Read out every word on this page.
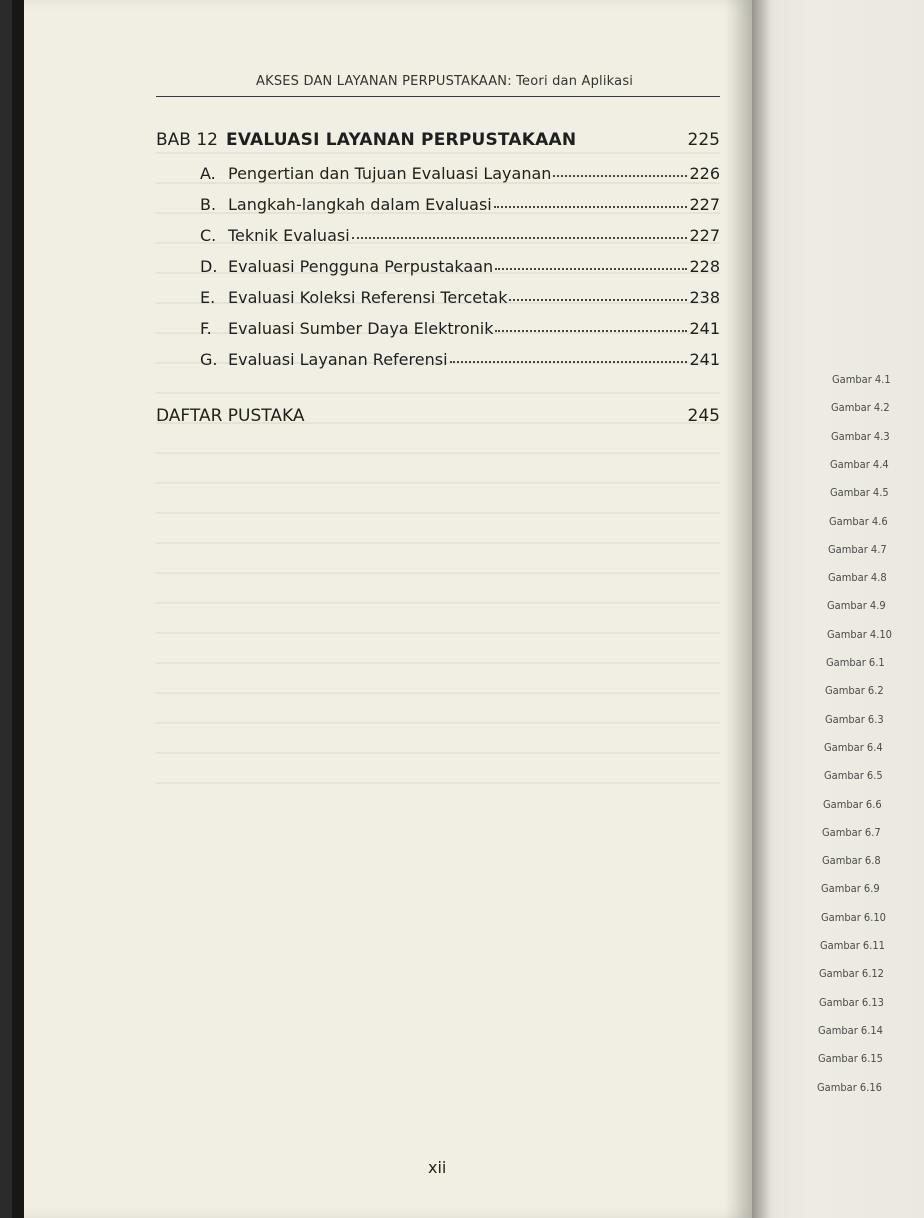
AKSES DAN LAYANAN PERPUSTAKAAN: Teori dan Aplikasi
BAB 12 EVALUASI LAYANAN PERPUSTAKAAN	225
A. Pengertian dan Tujuan Evaluasi Layanan	226
B. Langkah-langkah dalam Evaluasi	227
C. Teknik Evaluasi	227
D. Evaluasi Pengguna Perpustakaan	228
E. Evaluasi Koleksi Referensi Tercetak	238
F.	Evaluasi Sumber Daya Elektronik	241
G. Evaluasi Layanan Referensi	241
DAFTAR PUSTAKA	245
xii
Gambar 4.1
Gambar 4.2
Gambar 4.3
Gambar 4.4
Gambar 4.5
Gambar 4.6
Gambar 4.7
Gambar 4.8
Gambar 4.9
Gambar 4.10
Gambar 6.1
Gambar 6.2
Gambar 6.3
Gambar 6.4
Gambar 6.5
Gambar 6.6
Gambar 6.7
Gambar 6.8
Gambar 6.9
Gambar 6.10
Gambar 6.11
Gambar 6.12
Gambar 6.13
Gambar 6.14
Gambar 6.15
Gambar 6.16
